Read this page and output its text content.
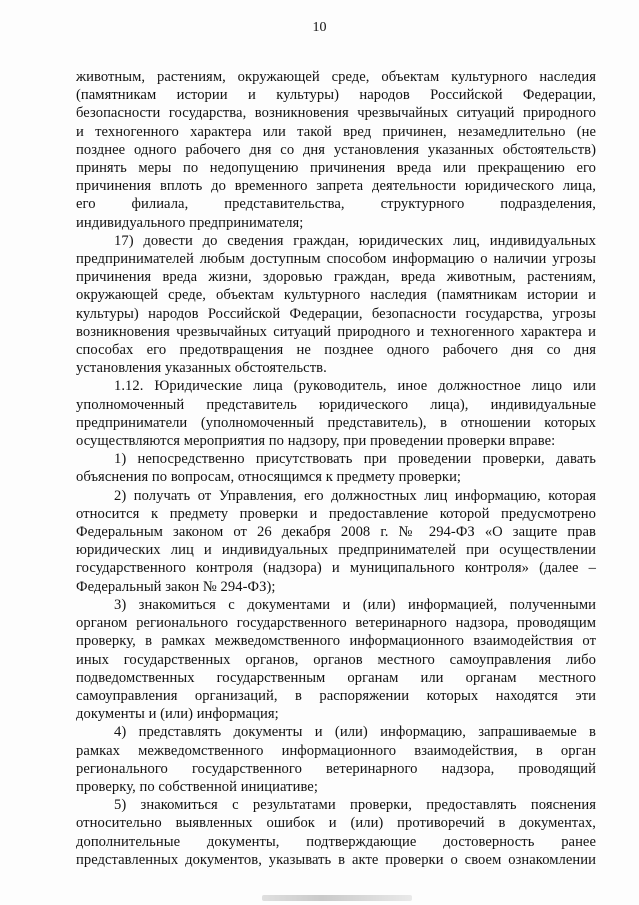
10
животным, растениям, окружающей среде, объектам культурного наследия
(памятникам истории и культуры) народов Российской Федерации,
безопасности государства, возникновения чрезвычайных ситуаций природного
и техногенного характера или такой вред причинен, незамедлительно (не
позднее одного рабочего дня со дня установления указанных обстоятельств)
принять меры по недопущению причинения вреда или прекращению его
причинения вплоть до временного запрета деятельности юридического лица,
его филиала, представительства, структурного подразделения,
индивидуального предпринимателя;
17) довести до сведения граждан, юридических лиц, индивидуальных
предпринимателей любым доступным способом информацию о наличии угрозы
причинения вреда жизни, здоровью граждан, вреда животным, растениям,
окружающей среде, объектам культурного наследия (памятникам истории и
культуры) народов Российской Федерации, безопасности государства, угрозы
возникновения чрезвычайных ситуаций природного и техногенного характера и
способах его предотвращения не позднее одного рабочего дня со дня
установления указанных обстоятельств.
1.12. Юридические лица (руководитель, иное должностное лицо или
уполномоченный представитель юридического лица), индивидуальные
предприниматели (уполномоченный представитель), в отношении которых
осуществляются мероприятия по надзору, при проведении проверки вправе:
1) непосредственно присутствовать при проведении проверки, давать
объяснения по вопросам, относящимся к предмету проверки;
2) получать от Управления, его должностных лиц информацию, которая
относится к предмету проверки и предоставление которой предусмотрено
Федеральным законом от 26 декабря 2008 г. № 294-ФЗ «О защите прав
юридических лиц и индивидуальных предпринимателей при осуществлении
государственного контроля (надзора) и муниципального контроля» (далее –
Федеральный закон № 294-ФЗ);
3) знакомиться с документами и (или) информацией, полученными
органом регионального государственного ветеринарного надзора, проводящим
проверку, в рамках межведомственного информационного взаимодействия от
иных государственных органов, органов местного самоуправления либо
подведомственных государственным органам или органам местного
самоуправления организаций, в распоряжении которых находятся эти
документы и (или) информация;
4) представлять документы и (или) информацию, запрашиваемые в
рамках межведомственного информационного взаимодействия, в орган
регионального государственного ветеринарного надзора, проводящий
проверку, по собственной инициативе;
5) знакомиться с результатами проверки, предоставлять пояснения
относительно выявленных ошибок и (или) противоречий в документах,
дополнительные документы, подтверждающие достоверность ранее
представленных документов, указывать в акте проверки о своем ознакомлении
